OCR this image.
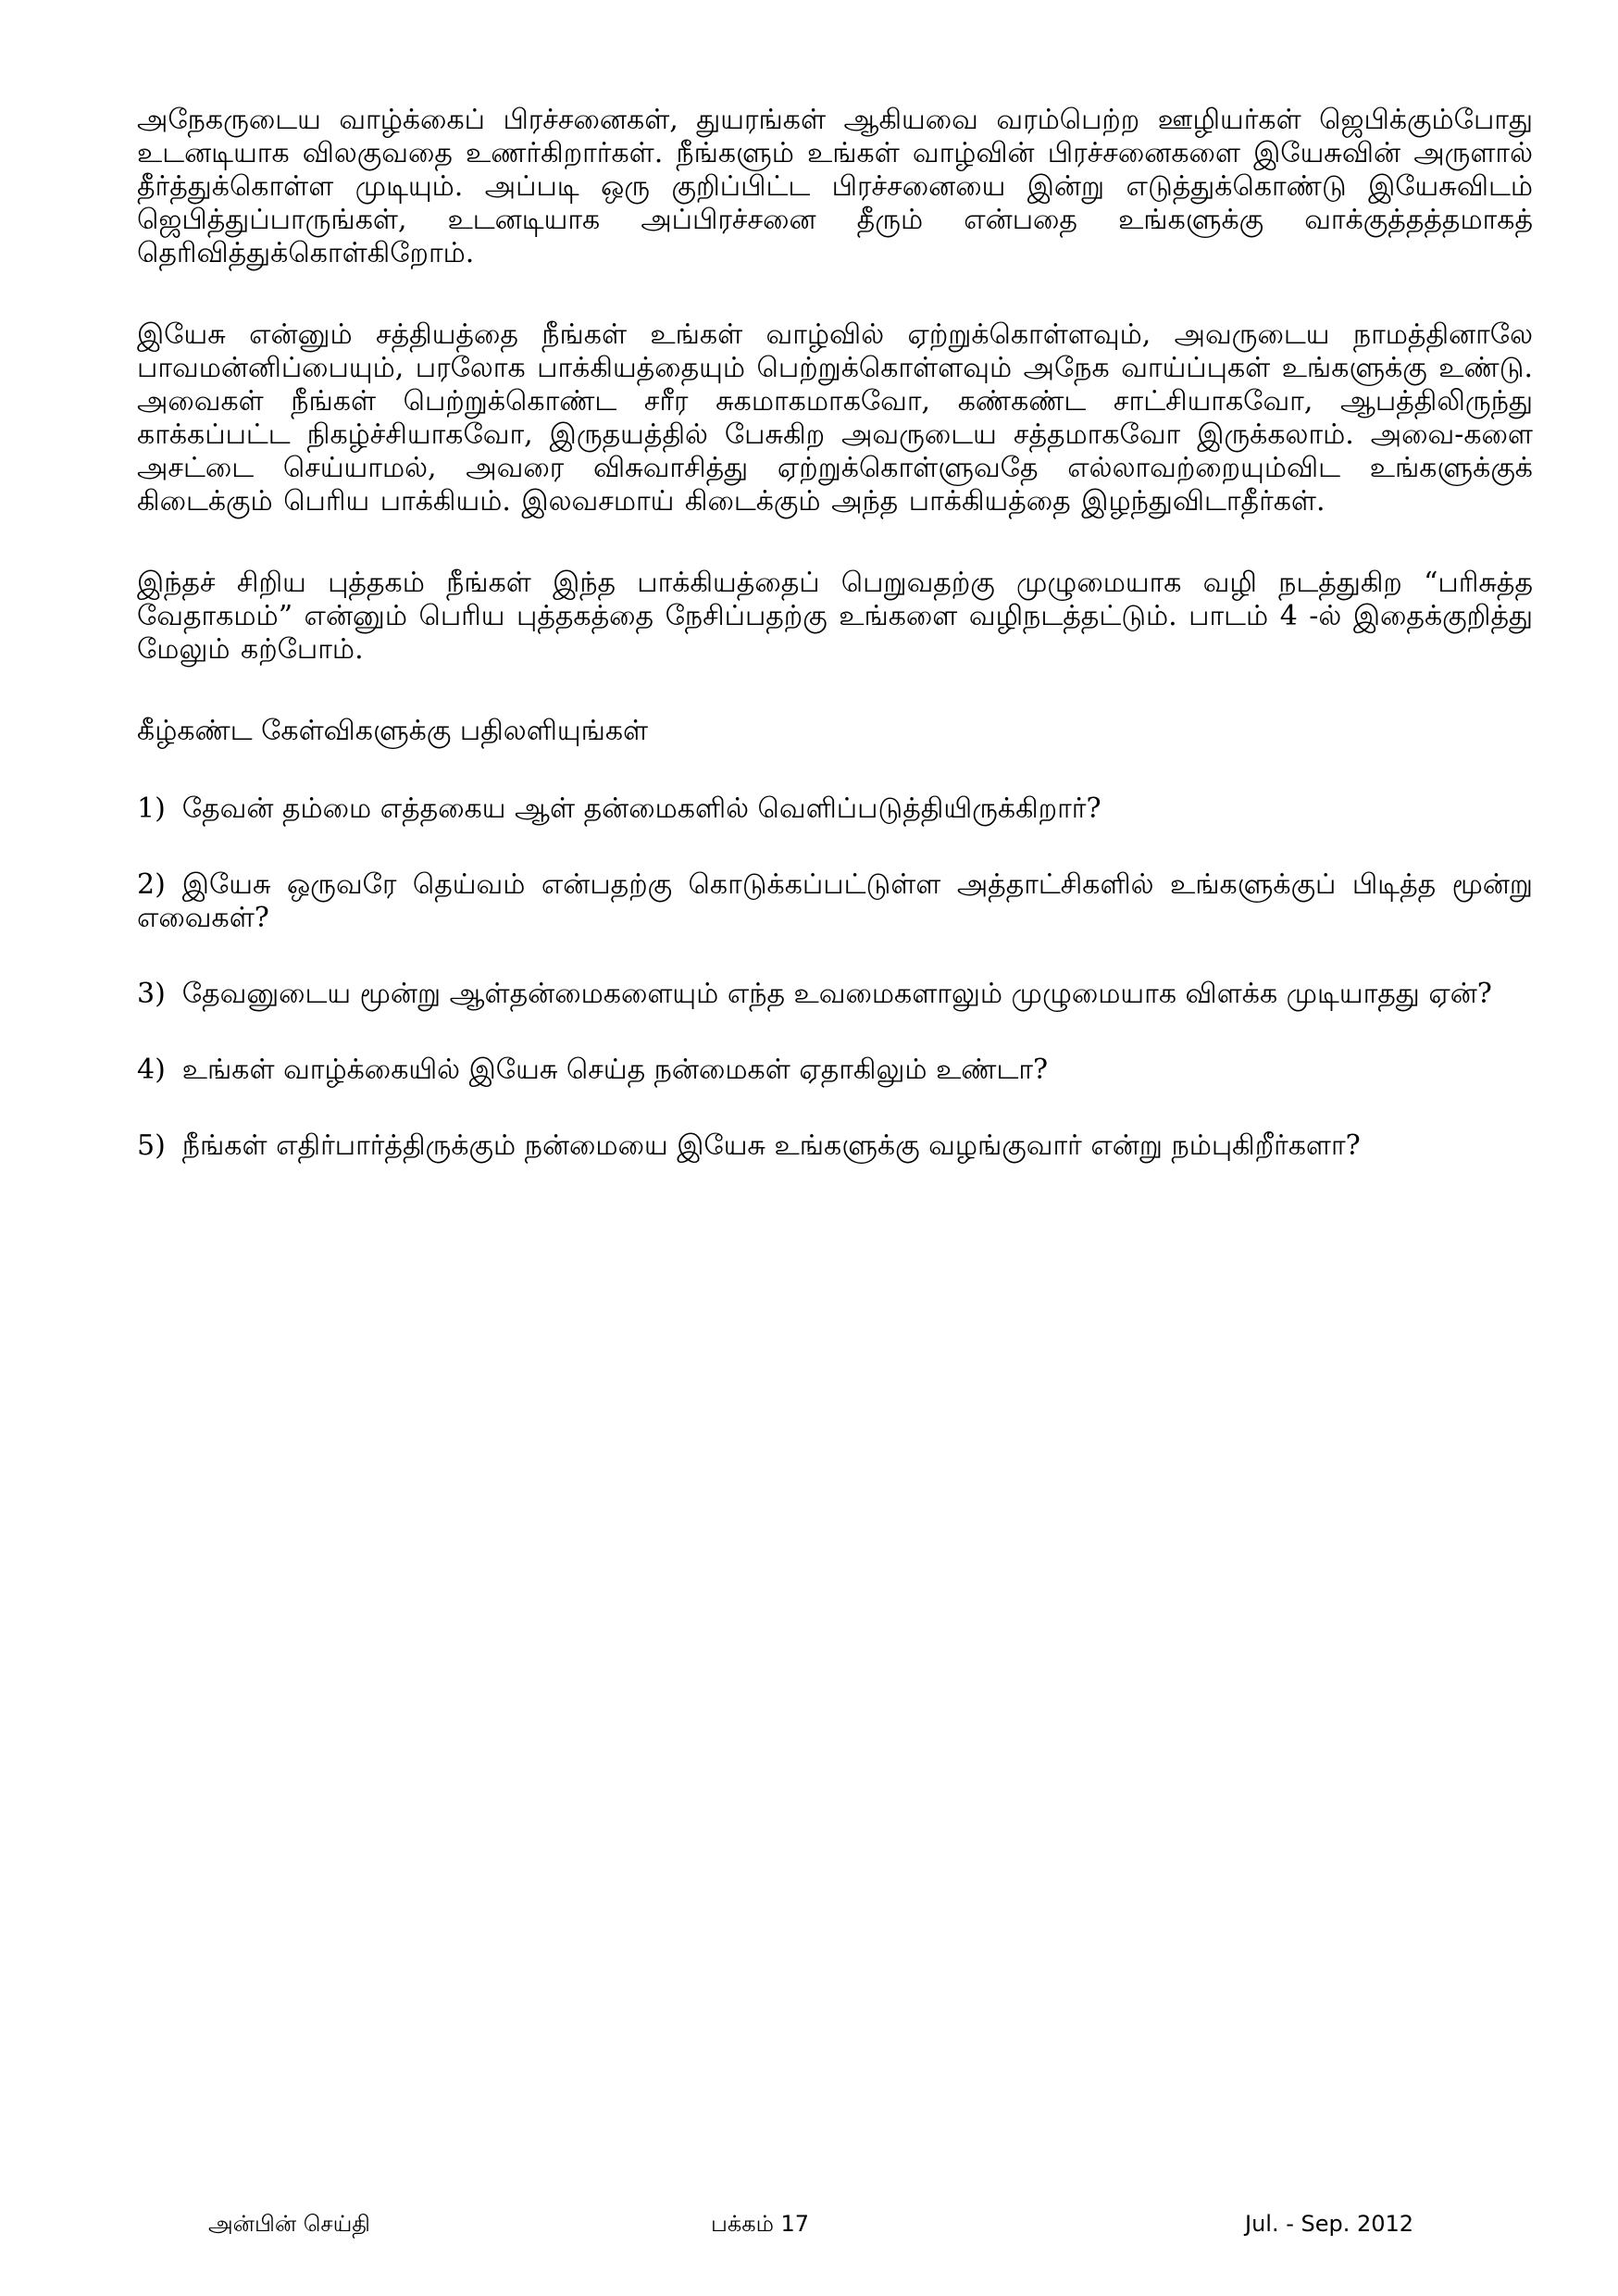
அநேகருடைய வாழ்க்கைப் பிரச்சனைகள், துயரங்கள் ஆகியவை வரம்பெற்ற ஊழியர்கள் ஜெபிக்கும்போது உடனடியாக விலகுவதை உணர்கிறார்கள். நீங்களும் உங்கள் வாழ்வின் பிரச்சனைகளை இயேசுவின் அருளால் தீர்த்துக்கொள்ள முடியும். அப்படி ஒரு குறிப்பிட்ட பிரச்சனையை இன்று எடுத்துக்கொண்டு இயேசுவிடம் ஜெபித்துப்பாருங்கள், உடனடியாக அப்பிரச்சனை தீரும் என்பதை உங்களுக்கு வாக்குத்தத்தமாகத் தெரிவித்துக்கொள்கிறோம்.

இயேசு என்னும் சத்தியத்தை நீங்கள் உங்கள் வாழ்வில் ஏற்றுக்கொள்ளவும், அவருடைய நாமத்தினாலே பாவமன்னிப்பையும், பரலோக பாக்கியத்தையும் பெற்றுக்கொள்ளவும் அநேக வாய்ப்புகள் உங்களுக்கு உண்டு. அவைகள் நீங்கள் பெற்றுக்கொண்ட சரீர சுகமாகமாகவோ, கண்கண்ட சாட்சியாகவோ, ஆபத்திலிருந்து காக்கப்பட்ட நிகழ்ச்சியாகவோ, இருதயத்தில் பேசுகிற அவருடைய சத்தமாகவோ இருக்கலாம். அவை-களை அசட்டை செய்யாமல், அவரை விசுவாசித்து ஏற்றுக்கொள்ளுவதே எல்லாவற்றையும்விட உங்களுக்குக் கிடைக்கும் பெரிய பாக்கியம். இலவசமாய் கிடைக்கும் அந்த பாக்கியத்தை இழந்துவிடாதீர்கள்.

இந்தச் சிறிய புத்தகம் நீங்கள் இந்த பாக்கியத்தைப் பெறுவதற்கு முழுமையாக வழி நடத்துகிற “பரிசுத்த வேதாகமம்” என்னும் பெரிய புத்தகத்தை நேசிப்பதற்கு உங்களை வழிநடத்தட்டும். பாடம் 4 -ல் இதைக்குறித்து மேலும் கற்போம்.

கீழ்கண்ட கேள்விகளுக்கு பதிலளியுங்கள்

1) தேவன் தம்மை எத்தகைய ஆள் தன்மைகளில் வெளிப்படுத்தியிருக்கிறார்?

2) இயேசு ஒருவரே தெய்வம் என்பதற்கு கொடுக்கப்பட்டுள்ள அத்தாட்சிகளில் உங்களுக்குப் பிடித்த மூன்று எவைகள்?

3) தேவனுடைய மூன்று ஆள்தன்மைகளையும் எந்த உவமைகளாலும் முழுமையாக விளக்க முடியாதது ஏன்?

4) உங்கள் வாழ்க்கையில் இயேசு செய்த நன்மைகள் ஏதாகிலும் உண்டா?

5) நீங்கள் எதிர்பார்த்திருக்கும் நன்மையை இயேசு உங்களுக்கு வழங்குவார் என்று நம்புகிறீர்களா?

அன்பின் செய்தி	பக்கம் 17	Jul. - Sep. 2012
